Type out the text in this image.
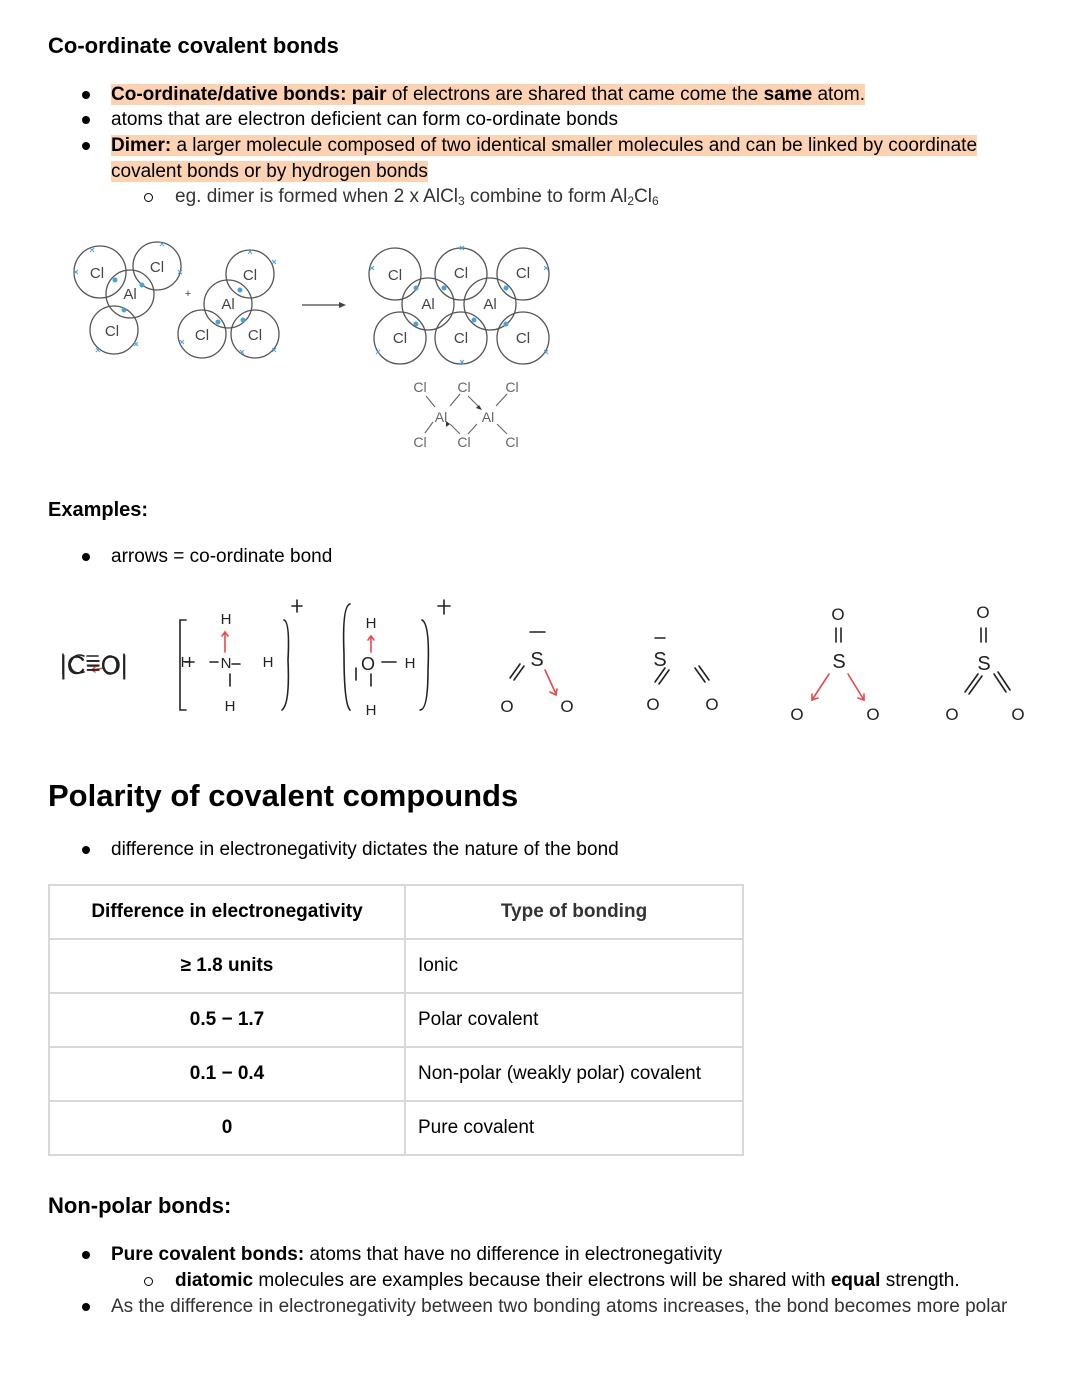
Co-ordinate covalent bonds
Co-ordinate/dative bonds: pair of electrons are shared that came come the same atom.
atoms that are electron deficient can form co-ordinate bonds
Dimer: a larger molecule composed of two identical smaller molecules and can be linked by coordinate
covalent bonds or by hydrogen bonds
eg. dimer is formed when 2 x AlCl$_3$ combine to form $Al_2Cl_6$
Cl	Cl
Al
Cl
+
Cl
Al
Cl	Cl
Cl	Cl	Cl
Al	Al
Cl	Cl	Cl
Cl Cl Cl
Al Al
Cl Cl Cl
Examples:
arrows = co-ordinate bond
H
H N H
H
H
O H
H
S
O	O
S
O	O
O
S
O	O
O
S
O	O
|C≡O|
Polarity of covalent compounds
difference in electronegativity dictates the nature of the bond
Difference in electronegativity	Type of bonding
≥ 1.8 units	Ionic
0.5 − 1.7	Polar covalent
0.1 − 0.4	Non-polar (weakly polar) covalent
0	Pure covalent
Non-polar bonds:
Pure covalent bonds: atoms that have no difference in electronegativity
diatomic molecules are examples because their electrons will be shared with equal strength.
As the difference in electronegativity between two bonding atoms increases, the bond becomes more polar
